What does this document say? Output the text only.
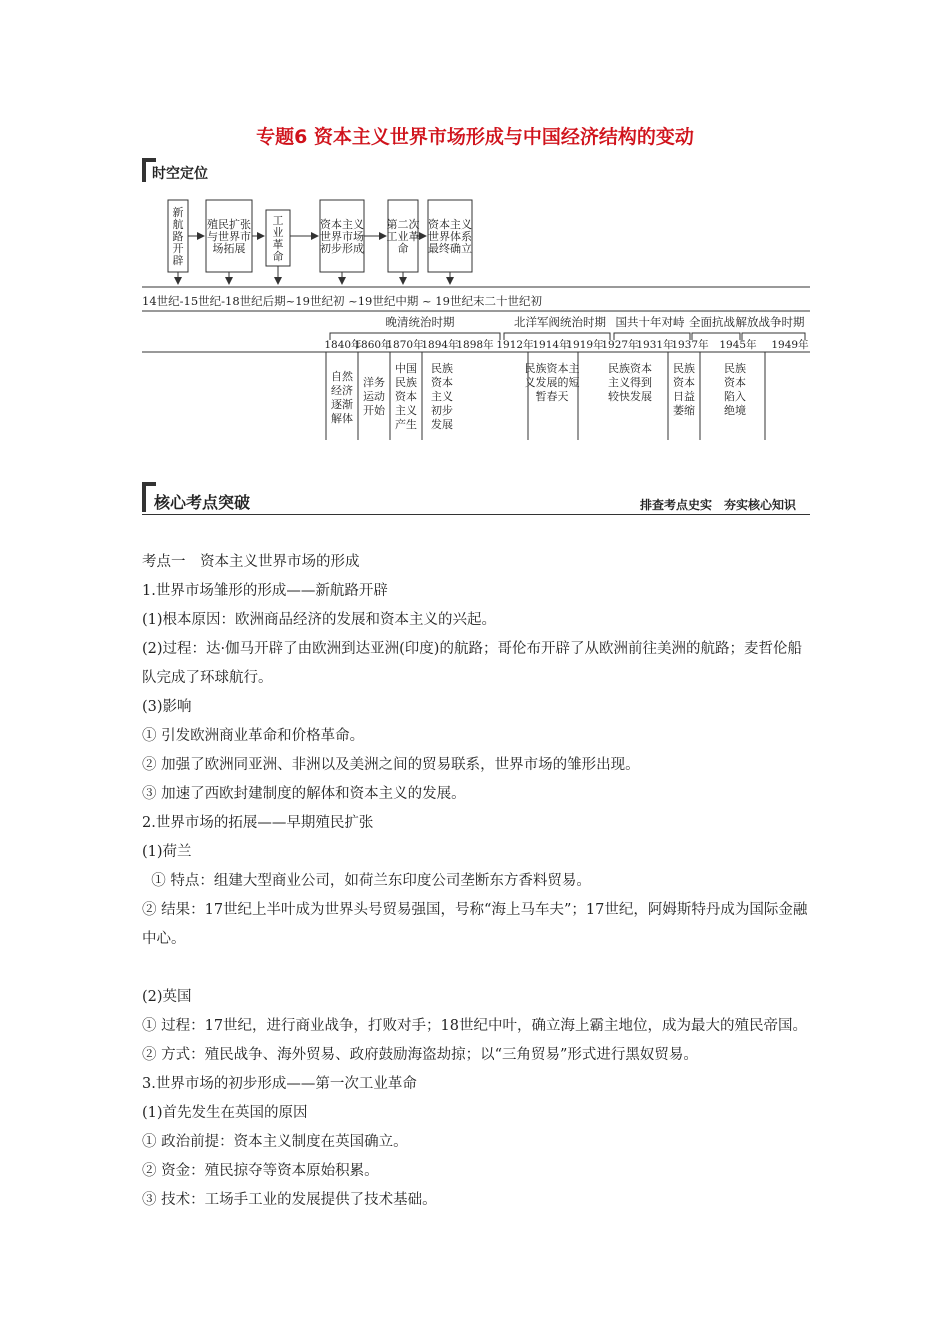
专题6 资本主义世界市场形成与中国经济结构的变动
时空定位
新航路开辟
殖民扩张与世界市场拓展
工业革命
资本主义世界市场初步形成
第二次工业革命
资本主义世界体系最终确立
14世纪-15世纪-18世纪后期~19世纪初 ~19世纪中期 ~ 19世纪末二十世纪初
晚清统治时期	北洋军阀统治时期 国共十年对峙 全面抗战 解放战争时期
1840年
1860年
1870年
1894年
1898年 1912年
1914年
1919年
1927年
1931年
1937年 1945年 1949年
自然经济逐渐解体
洋务运动开始
中国民族资本主义产生
民族资本主义初步发展
民族资本主义发展的短暂春天
民族资本主义得到较快发展
民族资本日益萎缩
民族资本陷入绝境
核心考点突破	排查考点史实　夯实核心知识

考点一　资本主义世界市场的形成

1.世界市场雏形的形成——新航路开辟

(1)根本原因：欧洲商品经济的发展和资本主义的兴起。

(2)过程：达·伽马开辟了由欧洲到达亚洲(印度)的航路；哥伦布开辟了从欧洲前往美洲的航路；麦哲伦船队完成了环球航行。

(3)影响

① 引发欧洲商业革命和价格革命。

② 加强了欧洲同亚洲、非洲以及美洲之间的贸易联系，世界市场的雏形出现。

③ 加速了西欧封建制度的解体和资本主义的发展。

2.世界市场的拓展——早期殖民扩张

(1)荷兰

① 特点：组建大型商业公司，如荷兰东印度公司垄断东方香料贸易。

② 结果：17世纪上半叶成为世界头号贸易强国，号称“海上马车夫”；17世纪，阿姆斯特丹成为国际金融中心。

(2)英国

① 过程：17世纪，进行商业战争，打败对手；18世纪中叶，确立海上霸主地位，成为最大的殖民帝国。

② 方式：殖民战争、海外贸易、政府鼓励海盗劫掠；以“三角贸易”形式进行黑奴贸易。

3.世界市场的初步形成——第一次工业革命

(1)首先发生在英国的原因

① 政治前提：资本主义制度在英国确立。

② 资金：殖民掠夺等资本原始积累。

③ 技术：工场手工业的发展提供了技术基础。
